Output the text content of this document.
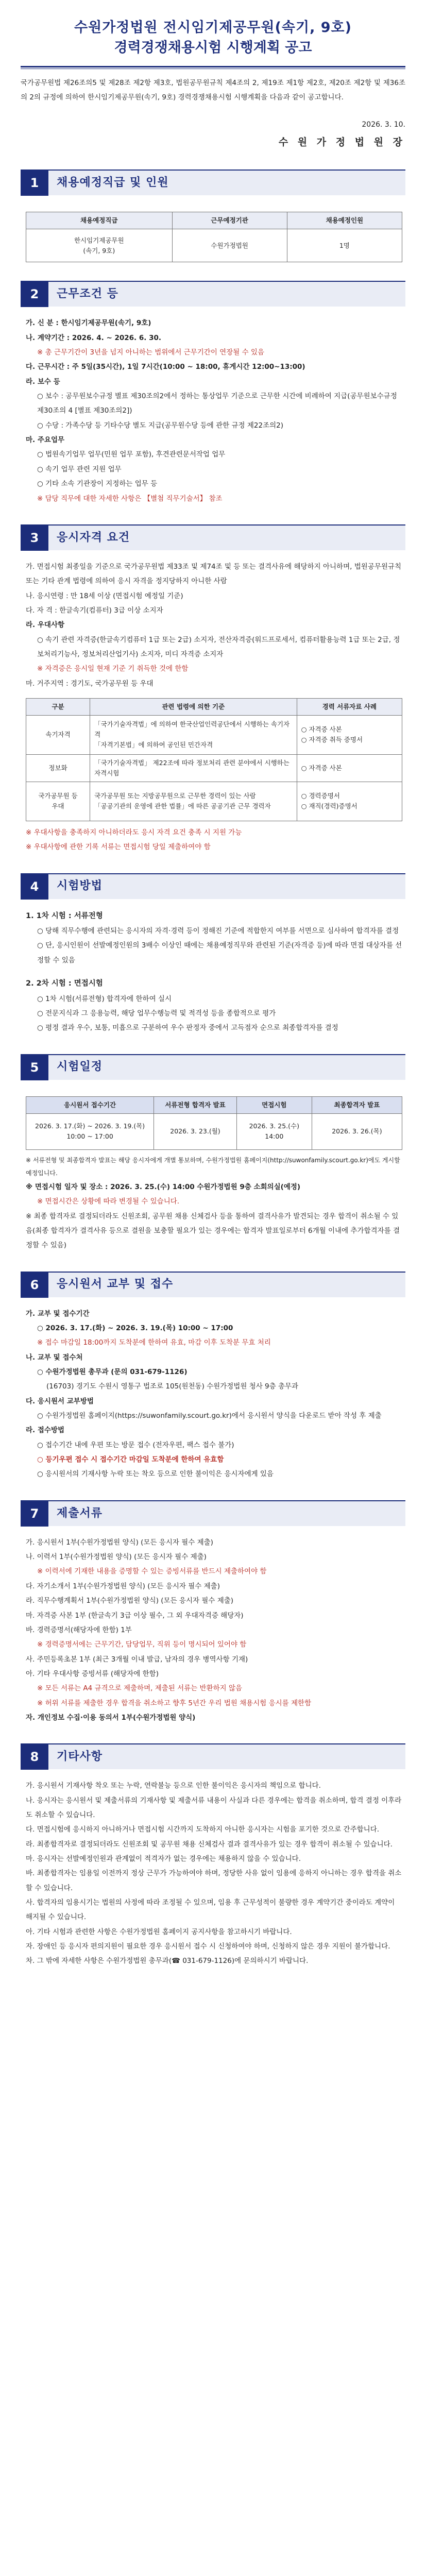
수원가정법원 전시임기제공무원(속기, 9호)
경력경쟁채용시험 시행계획 공고

국가공무원법 제26조의5 및 제28조 제2항 제3호, 법원공무원규칙 제4조의 2, 제19조 제1항 제2호, 제20조 제2항 및 제36조의 2의 규정에 의하여 한시임기제공무원(속기, 9호) 경력경쟁채용시험 시행계획을 다음과 같이 공고합니다.

2026. 3. 10.
수 원 가 정 법 원 장
1	채용예정직급 및 인원
채용예정직급	근무예정기관	채용예정인원
한시임기제공무원
(속기, 9호)	수원가정법원	1명
2	근무조건 등

가. 신 분 : 한시임기제공무원(속기, 9호)

나. 계약기간 : 2026. 4. ~ 2026. 6. 30.

※ 총 근무기간이 3년을 넘지 아니하는 범위에서 근무기간이 연장될 수 있음

다. 근무시간 : 주 5일(35시간), 1일 7시간(10:00 ~ 18:00, 휴게시간 12:00~13:00)

라. 보수 등

○ 보수 : 공무원보수규정 별표 제30조의2에서 정하는 통상업무 기준으로 근무한 시간에 비례하여 지급(공무원보수규정 제30조의 4 [별표 제30조의2])

○ 수당 : 가족수당 등 기타수당 별도 지급(공무원수당 등에 관한 규정 제22조의2)

마. 주요업무

○ 법원속기업무 업무(민원 업무 포함), 후견관련문서작업 업무

○ 속기 업무 관련 지원 업무

○ 기타 소속 기관장이 지정하는 업무 등

※ 담당 직무에 대한 자세한 사항은 【별첨 직무기술서】 참조

3	응시자격 요건

가. 면접시험 최종일을 기준으로 국가공무원법 제33조 및 제74조 및 등 또는 결격사유에 해당하지 아니하며, 법원공무원규칙 또는 기타 관계 법령에 의하여 응시 자격을 정지당하지 아니한 사람

나. 응시연령 : 만 18세 이상 (면접시험 예정일 기준)

다. 자 격 : 한글속기(컴퓨터) 3급 이상 소지자

라. 우대사항

○ 속기 관련 자격증(한글속기컴퓨터 1급 또는 2급) 소지자, 전산자격증(워드프로세서, 컴퓨터활용능력 1급 또는 2급, 정보처리기능사, 정보처리산업기사) 소지자, 미디 자격증 소지자

※ 자격증은 응시일 현재 기준 기 취득한 것에 한함

마. 거주지역 : 경기도, 국가공무원 등 우대

구분	관련 법령에 의한 기준	경력 서류자료 사례
속기자격	「국가기술자격법」에 의하여 한국산업인력공단에서 시행하는 속기자격
「자격기본법」에 의하여 공인된 민간자격	○ 자격증 사본
○ 자격증 취득 증명서
정보화	「국가기술자격법」 제22조에 따라 정보처리 관련 분야에서 시행하는 자격시험	○ 자격증 사본
국가공무원 등
우대	국가공무원 또는 지방공무원으로 근무한 경력이 있는 사람
「공공기관의 운영에 관한 법률」에 따른 공공기관 근무 경력자	○ 경력증명서
○ 재직(경력)증명서

※ 우대사항을 충족하지 아니하더라도 응시 자격 요건 충족 시 지원 가능

※ 우대사항에 관한 기록 서류는 면접시험 당일 제출하여야 함

4	시험방법

1. 1차 시험 : 서류전형

○ 당해 직무수행에 관련되는 응시자의 자격·경력 등이 정해진 기준에 적합한지 여부를 서면으로 심사하여 합격자를 결정

○ 단, 응시인원이 선발예정인원의 3배수 이상인 때에는 채용예정직무와 관련된 기준(자격증 등)에 따라 면접 대상자를 선정할 수 있음

2. 2차 시험 : 면접시험

○ 1차 시험(서류전형) 합격자에 한하여 실시

○ 전문지식과 그 응용능력, 해당 업무수행능력 및 적격성 등을 종합적으로 평가

○ 평정 결과 우수, 보통, 미흡으로 구분하여 우수 판정자 중에서 고득점자 순으로 최종합격자를 결정

5	시험일정
응시원서 접수기간	서류전형 합격자 발표	면접시험	최종합격자 발표
2026. 3. 17.(화) ~ 2026. 3. 19.(목)
10:00 ~ 17:00	2026. 3. 23.(월)	2026. 3. 25.(수)
14:00	2026. 3. 26.(목)

※ 서류전형 및 최종합격자 발표는 해당 응시자에게 개별 통보하며, 수원가정법원 홈페이지(http://suwonfamily.scourt.go.kr)에도 게시할 예정입니다.

※ 면접시험 일자 및 장소 : 2026. 3. 25.(수) 14:00 수원가정법원 9층 소회의실(예정)

※ 면접시간은 상황에 따라 변경될 수 있습니다.

※ 최종 합격자로 결정되더라도 신원조회, 공무원 채용 신체검사 등을 통하여 결격사유가 발견되는 경우 합격이 취소될 수 있음(최종 합격자가 결격사유 등으로 결원을 보충할 필요가 있는 경우에는 합격자 발표일로부터 6개월 이내에 추가합격자를 결정할 수 있음)

6	응시원서 교부 및 접수

가. 교부 및 접수기간

○ 2026. 3. 17.(화) ~ 2026. 3. 19.(목) 10:00 ~ 17:00

※ 접수 마감일 18:00까지 도착분에 한하여 유효, 마감 이후 도착분 무효 처리

나. 교부 및 접수처

○ 수원가정법원 총무과 (문의 031-679-1126)

(16703) 경기도 수원시 영통구 법조로 105(원천동) 수원가정법원 청사 9층 총무과

다. 응시원서 교부방법

○ 수원가정법원 홈페이지(https://suwonfamily.scourt.go.kr)에서 응시원서 양식을 다운로드 받아 작성 후 제출

라. 접수방법

○ 접수기간 내에 우편 또는 방문 접수 (전자우편, 팩스 접수 불가)

○ 등기우편 접수 시 접수기간 마감일 도착분에 한하여 유효함

○ 응시원서의 기재사항 누락 또는 착오 등으로 인한 불이익은 응시자에게 있음

7	제출서류

가. 응시원서 1부(수원가정법원 양식) (모든 응시자 필수 제출)

나. 이력서 1부(수원가정법원 양식) (모든 응시자 필수 제출)

※ 이력서에 기재한 내용을 증명할 수 있는 증빙서류를 반드시 제출하여야 함

다. 자기소개서 1부(수원가정법원 양식) (모든 응시자 필수 제출)

라. 직무수행계획서 1부(수원가정법원 양식) (모든 응시자 필수 제출)

마. 자격증 사본 1부 (한글속기 3급 이상 필수, 그 외 우대자격증 해당자)

바. 경력증명서(해당자에 한함) 1부

※ 경력증명서에는 근무기간, 담당업무, 직위 등이 명시되어 있어야 함

사. 주민등록초본 1부 (최근 3개월 이내 발급, 남자의 경우 병역사항 기재)

아. 기타 우대사항 증빙서류 (해당자에 한함)

※ 모든 서류는 A4 규격으로 제출하며, 제출된 서류는 반환하지 않음

※ 허위 서류를 제출한 경우 합격을 취소하고 향후 5년간 우리 법원 채용시험 응시를 제한함

자. 개인정보 수집·이용 동의서 1부(수원가정법원 양식)

8	기타사항

가. 응시원서 기재사항 착오 또는 누락, 연락불능 등으로 인한 불이익은 응시자의 책임으로 합니다.

나. 응시자는 응시원서 및 제출서류의 기재사항 및 제출서류 내용이 사실과 다른 경우에는 합격을 취소하며, 합격 결정 이후라도 취소할 수 있습니다.

다. 면접시험에 응시하지 아니하거나 면접시험 시간까지 도착하지 아니한 응시자는 시험을 포기한 것으로 간주합니다.

라. 최종합격자로 결정되더라도 신원조회 및 공무원 채용 신체검사 결과 결격사유가 있는 경우 합격이 취소될 수 있습니다.

마. 응시자는 선발예정인원과 관계없이 적격자가 없는 경우에는 채용하지 않을 수 있습니다.

바. 최종합격자는 임용일 이전까지 정상 근무가 가능하여야 하며, 정당한 사유 없이 임용에 응하지 아니하는 경우 합격을 취소할 수 있습니다.

사. 합격자의 임용시기는 법원의 사정에 따라 조정될 수 있으며, 임용 후 근무성적이 불량한 경우 계약기간 중이라도 계약이 해지될 수 있습니다.

아. 기타 시험과 관련한 사항은 수원가정법원 홈페이지 공지사항을 참고하시기 바랍니다.

자. 장애인 등 응시자 편의지원이 필요한 경우 응시원서 접수 시 신청하여야 하며, 신청하지 않은 경우 지원이 불가합니다.

차. 그 밖에 자세한 사항은 수원가정법원 총무과(☎ 031-679-1126)에 문의하시기 바랍니다.
